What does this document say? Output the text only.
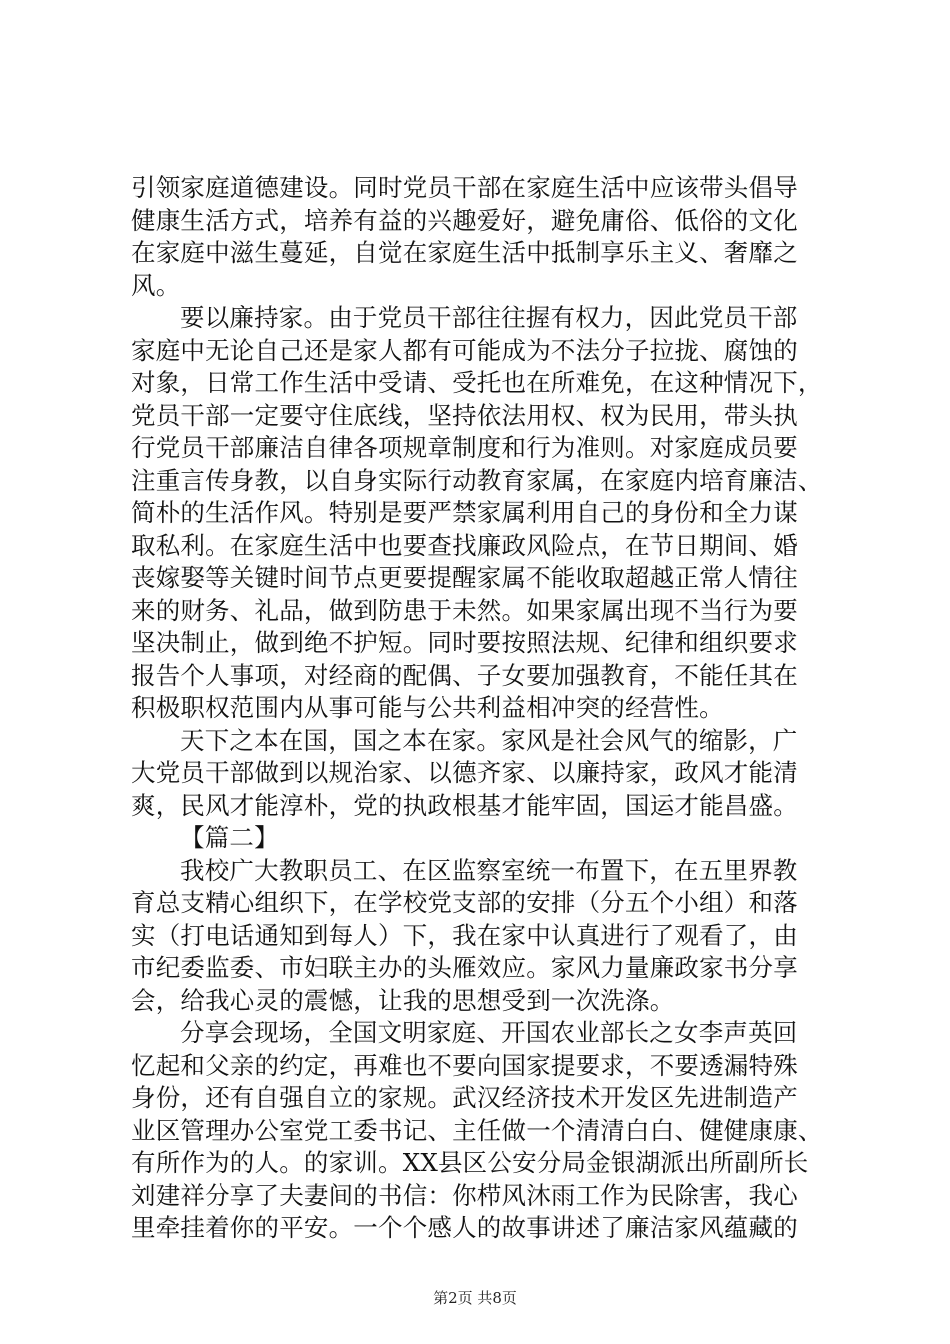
引领家庭道德建设。同时党员干部在家庭生活中应该带头倡导
健康生活方式，培养有益的兴趣爱好，避免庸俗、低俗的文化
在家庭中滋生蔓延，自觉在家庭生活中抵制享乐主义、奢靡之
风。
要以廉持家。由于党员干部往往握有权力，因此党员干部
家庭中无论自己还是家人都有可能成为不法分子拉拢、腐蚀的
对象，日常工作生活中受请、受托也在所难免，在这种情况下，
党员干部一定要守住底线，坚持依法用权、权为民用，带头执
行党员干部廉洁自律各项规章制度和行为准则。对家庭成员要
注重言传身教，以自身实际行动教育家属，在家庭内培育廉洁、
简朴的生活作风。特别是要严禁家属利用自己的身份和全力谋
取私利。在家庭生活中也要查找廉政风险点，在节日期间、婚
丧嫁娶等关键时间节点更要提醒家属不能收取超越正常人情往
来的财务、礼品，做到防患于未然。如果家属出现不当行为要
坚决制止，做到绝不护短。同时要按照法规、纪律和组织要求
报告个人事项，对经商的配偶、子女要加强教育，不能任其在
积极职权范围内从事可能与公共利益相冲突的经营性。
天下之本在国，国之本在家。家风是社会风气的缩影，广
大党员干部做到以规治家、以德齐家、以廉持家，政风才能清
爽，民风才能淳朴，党的执政根基才能牢固，国运才能昌盛。
【篇二】
我校广大教职员工、在区监察室统一布置下，在五里界教
育总支精心组织下，在学校党支部的安排（分五个小组）和落
实（打电话通知到每人）下，我在家中认真进行了观看了，由
市纪委监委、市妇联主办的头雁效应。家风力量廉政家书分享
会，给我心灵的震憾，让我的思想受到一次洗涤。
分享会现场，全国文明家庭、开国农业部长之女李声英回
忆起和父亲的约定，再难也不要向国家提要求，不要透漏特殊
身份，还有自强自立的家规。武汉经济技术开发区先进制造产
业区管理办公室党工委书记、主任做一个清清白白、健健康康、
有所作为的人。的家训。XX县区公安分局金银湖派出所副所长
刘建祥分享了夫妻间的书信：你栉风沐雨工作为民除害，我心
里牵挂着你的平安。一个个感人的故事讲述了廉洁家风蕴藏的
第2页 共8页
